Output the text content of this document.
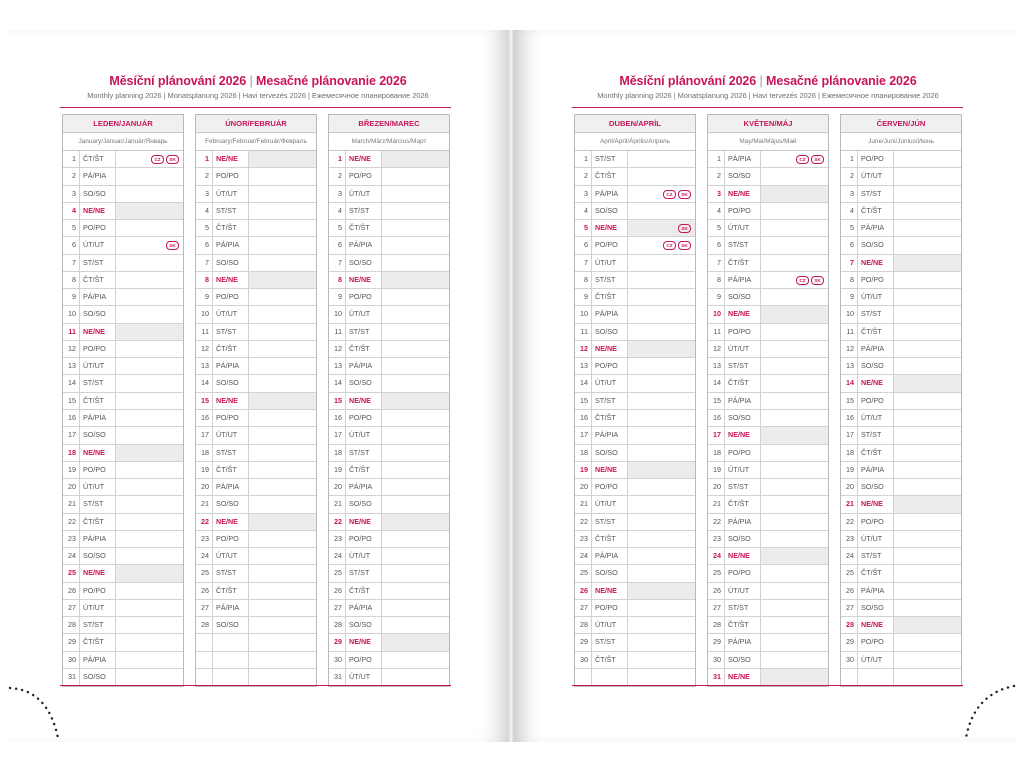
Měsíční plánování 2026 | Mesačné plánovanie 2026
Monthly planning 2026 | Monatsplanung 2026 | Havi tervezés 2026 | Ежемесячное планирование 2026
Měsíční plánování 2026 | Mesačné plánovanie 2026
Monthly planning 2026 | Monatsplanung 2026 | Havi tervezés 2026 | Ежемесячное планирование 2026
LEDEN/JANUÁR
January/Januar/Január/Январь
1 ČT/ŠT	CZ	SK
2 PÁ/PIA
3 SO/SO
4 NE/NE
5 PO/PO
6 ÚT/UT	SK
7 ST/ST
8 ČT/ŠT
9 PÁ/PIA
10 SO/SO
11 NE/NE
12 PO/PO
13 ÚT/UT
14 ST/ST
15 ČT/ŠT
16 PÁ/PIA
17 SO/SO
18 NE/NE
19 PO/PO
20 ÚT/UT
21 ST/ST
22 ČT/ŠT
23 PÁ/PIA
24 SO/SO
25 NE/NE
26 PO/PO
27 ÚT/UT
28 ST/ST
29 ČT/ŠT
30 PÁ/PIA
31 SO/SO
ÚNOR/FEBRUÁR
February/Februar/Február/Февраль
1 NE/NE
2 PO/PO
3 ÚT/UT
4 ST/ST
5 ČT/ŠT
6 PÁ/PIA
7 SO/SO
8 NE/NE
9 PO/PO
10 ÚT/UT
11 ST/ST
12 ČT/ŠT
13 PÁ/PIA
14 SO/SO
15 NE/NE
16 PO/PO
17 ÚT/UT
18 ST/ST
19 ČT/ŠT
20 PÁ/PIA
21 SO/SO
22 NE/NE
23 PO/PO
24 ÚT/UT
25 ST/ST
26 ČT/ŠT
27 PÁ/PIA
28 SO/SO
BŘEZEN/MAREC
March/März/Március/Март
1 NE/NE
2 PO/PO
3 ÚT/UT
4 ST/ST
5 ČT/ŠT
6 PÁ/PIA
7 SO/SO
8 NE/NE
9 PO/PO
10 ÚT/UT
11 ST/ST
12 ČT/ŠT
13 PÁ/PIA
14 SO/SO
15 NE/NE
16 PO/PO
17 ÚT/UT
18 ST/ST
19 ČT/ŠT
20 PÁ/PIA
21 SO/SO
22 NE/NE
23 PO/PO
24 ÚT/UT
25 ST/ST
26 ČT/ŠT
27 PÁ/PIA
28 SO/SO
29 NE/NE
30 PO/PO
31 ÚT/UT
DUBEN/APRÍL
April/April/Április/Апрель
1 ST/ST
2 ČT/ŠT
3 PÁ/PIA	CZ	SK
4 SO/SO
5 NE/NE	SK
6 PO/PO	CZ	SK
7 ÚT/UT
8 ST/ST
9 ČT/ŠT
10 PÁ/PIA
11 SO/SO
12 NE/NE
13 PO/PO
14 ÚT/UT
15 ST/ST
16 ČT/ŠT
17 PÁ/PIA
18 SO/SO
19 NE/NE
20 PO/PO
21 ÚT/UT
22 ST/ST
23 ČT/ŠT
24 PÁ/PIA
25 SO/SO
26 NE/NE
27 PO/PO
28 ÚT/UT
29 ST/ST
30 ČT/ŠT
KVĚTEN/MÁJ
May/Mai/Május/Май
1 PÁ/PIA	CZ	SK
2 SO/SO
3 NE/NE
4 PO/PO
5 ÚT/UT
6 ST/ST
7 ČT/ŠT
8 PÁ/PIA	CZ	SK
9 SO/SO
10 NE/NE
11 PO/PO
12 ÚT/UT
13 ST/ST
14 ČT/ŠT
15 PÁ/PIA
16 SO/SO
17 NE/NE
18 PO/PO
19 ÚT/UT
20 ST/ST
21 ČT/ŠT
22 PÁ/PIA
23 SO/SO
24 NE/NE
25 PO/PO
26 ÚT/UT
27 ST/ST
28 ČT/ŠT
29 PÁ/PIA
30 SO/SO
31 NE/NE
ČERVEN/JÚN
June/Juni/Június/Июнь
1 PO/PO
2 ÚT/UT
3 ST/ST
4 ČT/ŠT
5 PÁ/PIA
6 SO/SO
7 NE/NE
8 PO/PO
9 ÚT/UT
10 ST/ST
11 ČT/ŠT
12 PÁ/PIA
13 SO/SO
14 NE/NE
15 PO/PO
16 ÚT/UT
17 ST/ST
18 ČT/ŠT
19 PÁ/PIA
20 SO/SO
21 NE/NE
22 PO/PO
23 ÚT/UT
24 ST/ST
25 ČT/ŠT
26 PÁ/PIA
27 SO/SO
28 NE/NE
29 PO/PO
30 ÚT/UT
